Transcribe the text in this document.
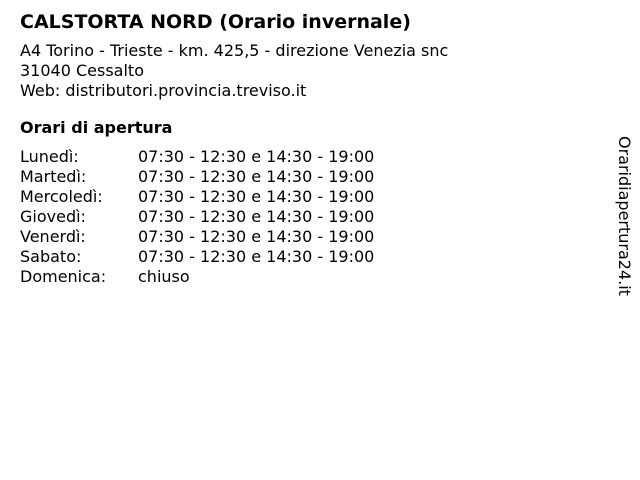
CALSTORTA NORD (Orario invernale)
A4 Torino - Trieste - km. 425,5 - direzione Venezia snc
31040 Cessalto
Web: distributori.provincia.treviso.it
Orari di apertura
Lunedì:	07:30 - 12:30 e 14:30 - 19:00
Martedì:	07:30 - 12:30 e 14:30 - 19:00
Mercoledì:	07:30 - 12:30 e 14:30 - 19:00
Giovedì:	07:30 - 12:30 e 14:30 - 19:00
Venerdì:	07:30 - 12:30 e 14:30 - 19:00
Sabato:	07:30 - 12:30 e 14:30 - 19:00
Domenica:	chiuso	Oraridiapertura24.it
